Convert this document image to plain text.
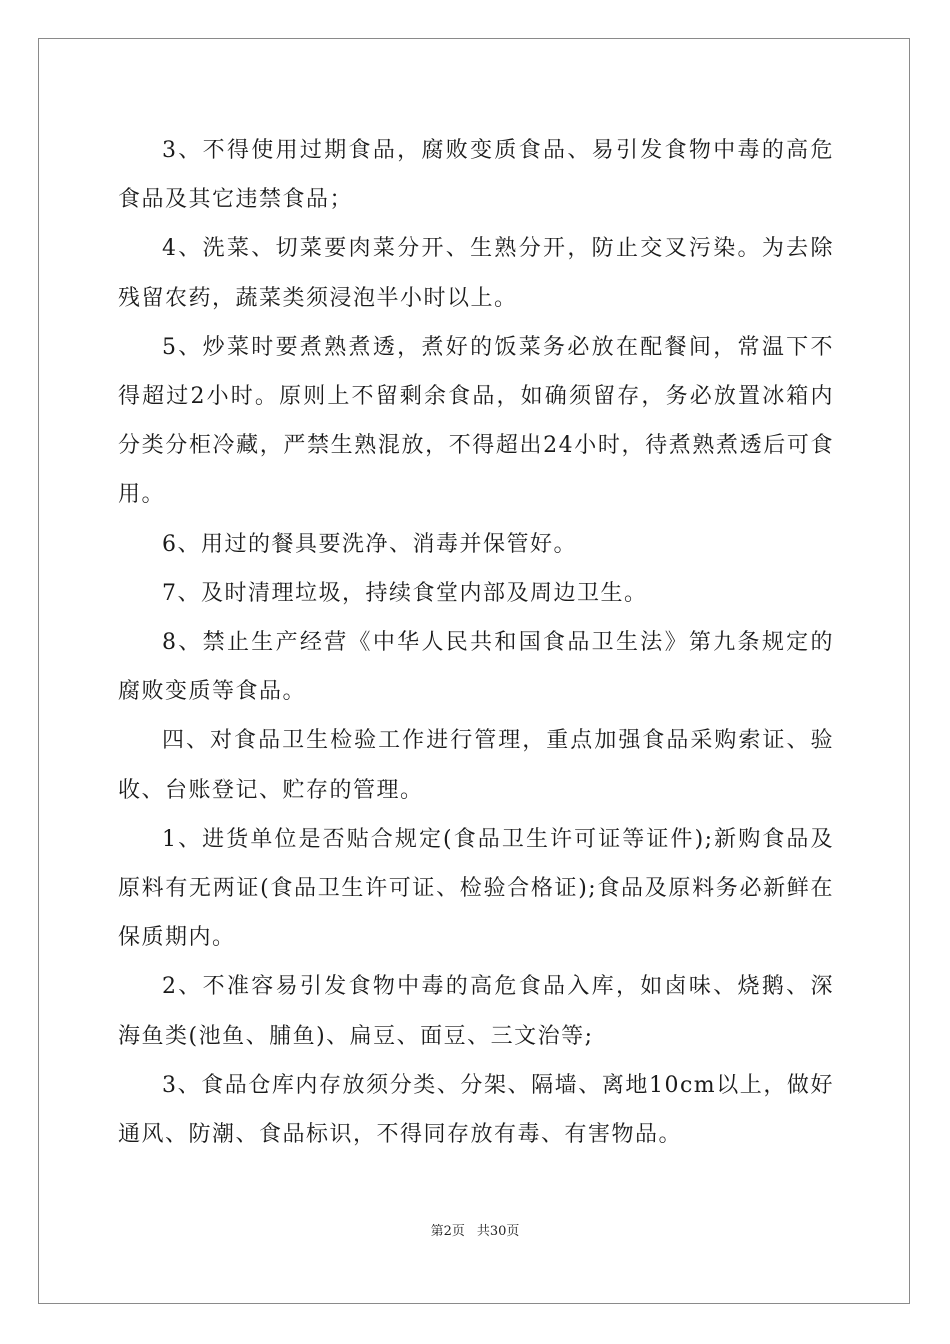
3、不得使用过期食品，腐败变质食品、易引发食物中毒的高危食品及其它违禁食品；

4、洗菜、切菜要肉菜分开、生熟分开，防止交叉污染。为去除残留农药，蔬菜类须浸泡半小时以上。

5、炒菜时要煮熟煮透，煮好的饭菜务必放在配餐间，常温下不得超过2小时。原则上不留剩余食品，如确须留存，务必放置冰箱内分类分柜冷藏，严禁生熟混放，不得超出24小时，待煮熟煮透后可食用。

6、用过的餐具要洗净、消毒并保管好。

7、及时清理垃圾，持续食堂内部及周边卫生。

8、禁止生产经营《中华人民共和国食品卫生法》第九条规定的腐败变质等食品。

四、对食品卫生检验工作进行管理，重点加强食品采购索证、验收、台账登记、贮存的管理。

1、进货单位是否贴合规定(食品卫生许可证等证件);新购食品及原料有无两证(食品卫生许可证、检验合格证);食品及原料务必新鲜在保质期内。

2、不准容易引发食物中毒的高危食品入库，如卤味、烧鹅、深海鱼类(池鱼、脯鱼)、扁豆、面豆、三文治等;

3、食品仓库内存放须分类、分架、隔墙、离地10cm以上，做好通风、防潮、食品标识，不得同存放有毒、有害物品。

第2页 共30页
